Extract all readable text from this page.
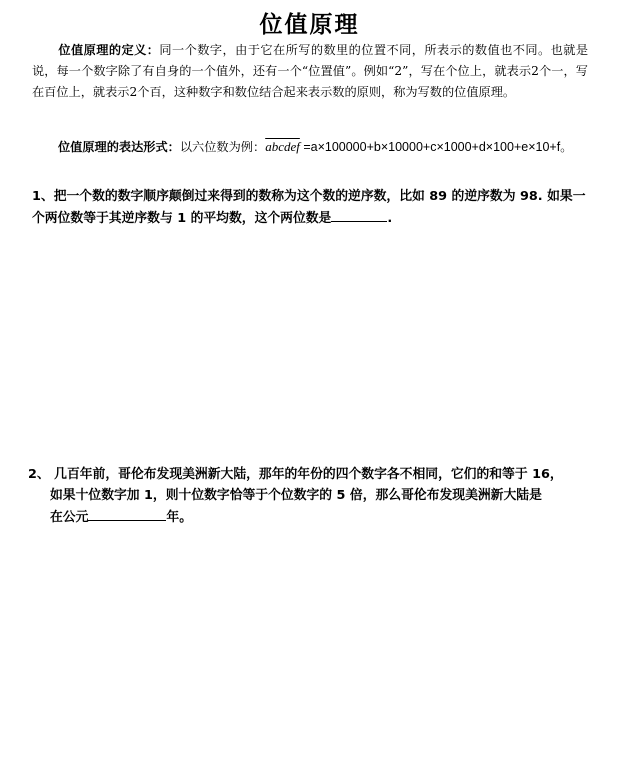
位值原理
位值原理的定义：同一个数字，由于它在所写的数里的位置不同，所表示的数值也不同。也就是说，每一个数字除了有自身的一个值外，还有一个“位置值”。例如“2”，写在个位上，就表示2个一，写在百位上，就表示2个百，这种数字和数位结合起来表示数的原则，称为写数的位值原理。
位值原理的表达形式：以六位数为例：abcdef =a×100000+b×10000+c×1000+d×100+e×10+f。
1、把一个数的数字顺序颠倒过来得到的数称为这个数的逆序数，比如 89 的逆序数为 98. 如果一个两位数等于其逆序数与 1 的平均数，这个两位数是	.
2、 几百年前，哥伦布发现美洲新大陆，那年的年份的四个数字各不相同，它们的和等于 16，
如果十位数字加 1，则十位数字恰等于个位数字的 5 倍，那么哥伦布发现美洲新大陆是
在公元	年。
